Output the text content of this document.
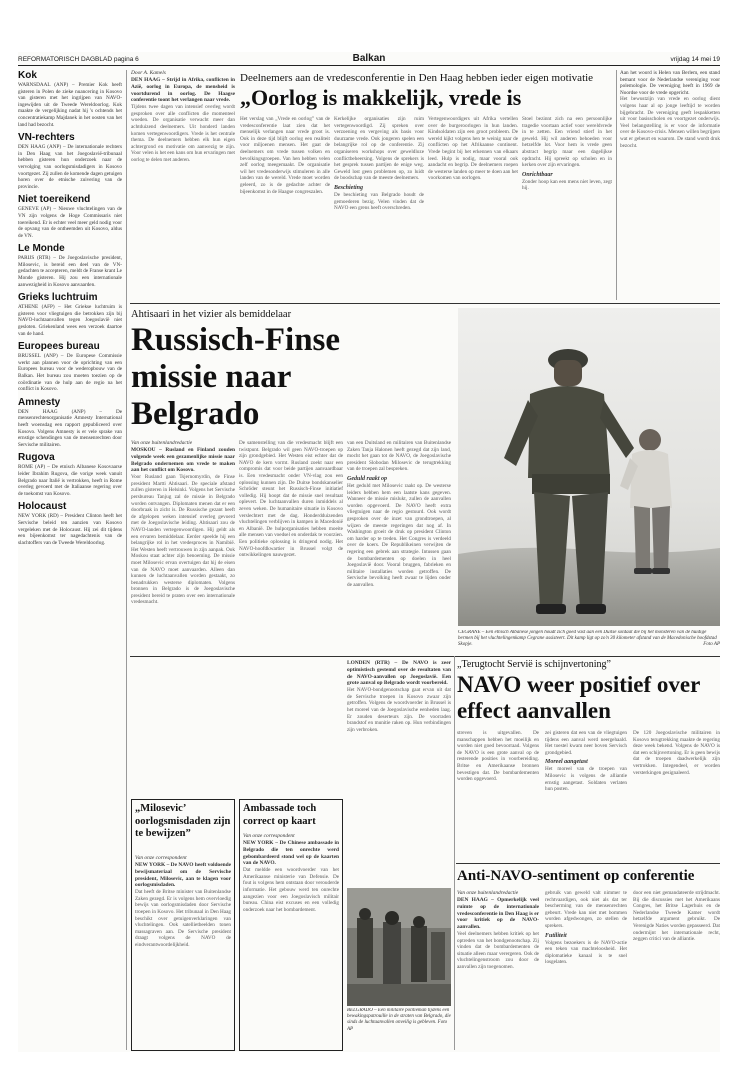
REFORMATORISCH DAGBLAD pagina 6	Balkan	vrijdag 14 mei 19
Kok

WARNSDAAL (ANP) – Premier Kok heeft gisteren in Polen de zieke nuancering in Kosovo van gisteren met het ingrijpen van NAVO-ingewijden uit de Tweede Wereldoorlog. Kok maakte de vergelijking nadat hij 's ochtends het concentratiekamp Majdanek in het oosten van het land had bezocht.

VN-rechters

DEN HAAG (ANP) – De internationale rechters in Den Haag van het Joegoslavië-tribunaal hebben gisteren hun onderzoek naar de vervolging van oorlogsmisdadigers in Kosovo voortgezet. Zij zullen de komende dagen getuigen horen over de etnische zuivering van de provincie.

Niet toereikend

GENEVE (AP) – Nieuwe vluchtelingen van de VN zijn volgens de Hoge Commissaris niet toereikend. Er is echter veel meer geld nodig voor de opvang van de ontheemden uit Kosovo, aldus de VN.

Le Monde

PARIJS (RTR) – De Joegoslavische president, Milosevic, is bereid een deel van de VN-gedachten te accepteren, meldt de Franse krant Le Monde gisteren. Hij zou een internationale aanwezigheid in Kosovo aanvaarden.

Grieks luchtruim

ATHENE (AFP) – Het Griekse luchtruim is gisteren voor vliegtuigen die betrokken zijn bij NAVO-luchtaanvallen tegen Joegoslavië niet gesloten. Griekenland wees een verzoek daartoe van de hand.

Europees bureau

BRUSSEL (ANP) – De Europese Commissie werkt aan plannen voor de oprichting van een Europees bureau voor de wederopbouw van de Balkan. Het bureau zou moeten toezien op de coördinatie van de hulp aan de regio na het conflict in Kosovo.

Amnesty

DEN HAAG (ANP) – De mensenrechtenorganisatie Amnesty International heeft woensdag een rapport gepubliceerd over Kosovo. Volgens Amnesty is er vele sprake van ernstige schendingen van de mensenrechten door Servische militairen.

Rugova

ROME (AP) – De etnisch Albanese Kosovaarse leider Ibrahim Rugova, die vorige week vanuit Belgrado naar Italië is vertrokken, heeft in Rome overleg gevoerd met de Italiaanse regering over de toekomst van Kosovo.

Holocaust

NEW YORK (RD) – President Clinton heeft het Servische beleid ten aanzien van Kosovo vergeleken met de Holocaust. Hij zei dit tijdens een bijeenkomst ter nagedachtenis van de slachtoffers van de Tweede Wereldoorlog.

Door A. Kamels

DEN HAAG – Strijd in Afrika, conflicten in Azië, oorlog in Europa, de mensheid is voortdurend in oorlog. De Haagse conferentie toont het verlangen naar vrede.

Tijdens twee dagen van intensief overleg wordt gesproken over alle conflicten die momenteel woeden. De organisatie verwacht meer dan achtduizend deelnemers. Uit honderd landen komen vertegenwoordigers. Vrede is het centrale thema. De deelnemers hebben elk hun eigen achtergrond en motivatie om aanwezig te zijn. Voor velen is het een kans om hun ervaringen met oorlog te delen met anderen.

Deelnemers aan de vredesconferentie in Den Haag hebben ieder eigen motivatie
„Oorlog is makkelijk, vrede is

Het verslag van „Vrede en oorlog” van de vredesconferentie laat zien dat het menselijk verlangen naar vrede groot is. Ook in deze tijd blijft oorlog een realiteit voor miljoenen mensen. Het gaat de deelnemers om vrede tussen volken en bevolkingsgroepen. Van hen hebben velen zelf oorlog meegemaakt. De organisatie wil het vredesonderwijs stimuleren in alle landen van de wereld. Vrede moet worden geleerd, zo is de gedachte achter de bijeenkomst in de Haagse congreszalen.

Kerkelijke organisaties zijn ruim vertegenwoordigd. Zij spreken over verzoening en vergeving als basis voor duurzame vrede. Ook jongeren spelen een belangrijke rol op de conferentie. Zij organiseren workshops over geweldloze conflictbeheersing. Volgens de sprekers is het gesprek tussen partijen de enige weg. Geweld lost geen problemen op, zo luidt de boodschap van de meeste deelnemers.

Beschieting

De beschieting van Belgrado houdt de gemoederen bezig. Velen vinden dat de NAVO een grens heeft overschreden.

Vertegenwoordigers uit Afrika vertellen over de burgeroorlogen in hun landen. Kindsoldaten zijn een groot probleem. De wereld kijkt volgens hen te weinig naar de conflicten op het Afrikaanse continent. Vrede begint bij het erkennen van elkaars leed. Hulp is nodig, maar vooral ook aandacht en begrip. De deelnemers roepen de westerse landen op meer te doen aan het voorkomen van oorlogen.

Stoel bezinnt zich na een persoonlijke tragedie voortaan actief voor wereldvrede in te zetten. Een vriend stierf in het geweld. Hij wil anderen behoeden voor hetzelfde lot. Voor hem is vrede geen abstract begrip maar een dagelijkse opdracht. Hij spreekt op scholen en in kerken over zijn ervaringen.

Onrichtbaar

Zonder hoop kan een mens niet leven, zegt hij.

Aan het woord is Helen van Berlem, een stand bemant voor de Nederlandse vereniging voor polemologie. De vereniging heeft in 1969 de Noordse voor de vrede opgericht.

Het bewustzijn van vrede en oorlog dient volgens haar al op jonge leeftijd te worden bijgebracht. De vereniging geeft lespakketten uit voor basisscholen en voortgezet onderwijs. Veel belangstelling is er voor de informatie over de Kosovo-crisis. Mensen willen begrijpen wat er gebeurt en waarom. De stand wordt druk bezocht.

Ahtisaari in het vizier als bemiddelaar
Russisch-Finse missie naar Belgrado

Van onze buitenlandredactie

MOSKOU – Rusland en Finland zouden volgende week een gezamenlijke missie naar Belgrado ondernemen om vrede te maken aan het conflict om Kosovo.

Voor Rusland gaan Tsjernomyrdin, de Finse president Martti Ahtisaari. De speciale afstand zullen gisteren in Helsinki. Volgens het Servische persbureau Tanjug zal de missie in Belgrado worden ontvangen. Diplomaten menen dat er een doorbraak in zicht is. De Russische gezant heeft de afgelopen weken intensief overleg gevoerd met de Joegoslavische leiding. Ahtisaari zou de NAVO-landen vertegenwoordigen. Hij geldt als een ervaren bemiddelaar. Eerder speelde hij een belangrijke rol in het vredesproces in Namibië. Het Westen heeft vertrouwen in zijn aanpak. Ook Moskou staat achter zijn benoeming. De missie moet Milosevic ervan overtuigen dat hij de eisen van de NAVO moet aanvaarden. Alleen dan kunnen de luchtaanvallen worden gestaakt, zo benadrukken westerse diplomaten. Volgens bronnen in Belgrado is de Joegoslavische president bereid te praten over een internationale vredesmacht.

De samenstelling van die vredesmacht blijft een twistpunt. Belgrado wil geen NAVO-troepen op zijn grondgebied. Het Westen eist echter dat de NAVO de kern vormt. Rusland zoekt naar een compromis dat voor beide partijen aanvaardbaar is. Een vredesmacht onder VN-vlag zou een oplossing kunnen zijn. De Duitse bondskanselier Schröder steunt het Russisch-Finse initiatief volledig. Hij hoopt dat de missie snel resultaat oplevert. De luchtaanvallen duren inmiddels al zeven weken. De humanitaire situatie in Kosovo verslechtert met de dag. Honderdduizenden vluchtelingen verblijven in kampen in Macedonië en Albanië. De hulporganisaties hebben moeite alle mensen van voedsel en onderdak te voorzien. Een politieke oplossing is dringend nodig. Het NAVO-hoofdkwartier in Brussel volgt de ontwikkelingen nauwgezet.

van een Duitsland en militairen van Buitenlandse Zaken Tanja Halonen heeft gezegd dat zijn land, mocht het gaan tot de NAVO, de Joegoslavische president Slobodan Milosevic de terugtrekking van de troepen zal bespreken.

Geduld raakt op

Het geduld met Milosevic raakt op. De westerse leiders hebben hem een laatste kans gegeven. Wanneer de missie mislukt, zullen de aanvallen worden opgevoerd. De NAVO heeft extra vliegtuigen naar de regio gestuurd. Ook wordt gesproken over de inzet van grondtroepen, al wijzen de meeste regeringen dat nog af. In Washington groeit de druk op president Clinton om harder op te treden. Het Congres is verdeeld over de koers. De Republikeinen verwijten de regering een gebrek aan strategie. Intussen gaan de bombardementen op doelen in heel Joegoslavië door. Vooral bruggen, fabrieken en militaire installaties worden getroffen. De Servische bevolking heeft zwaar te lijden onder de aanvallen.

CEGRANE – Een etnisch Albanese jongen houdt zich goed vast aan een Duitse soldaat die bij het monsteren van de huidige bermen bij het vluchtelingenkamp Cegrane assisteert. Dit kamp ligt op zo'n 30 kilometer afstand van de Macedonische hoofdstad Skopje.	Foto AP
„Milosevic’ oorlogsmisdaden zijn te bewijzen”

Van onze correspondent

NEW YORK – De NAVO heeft voldoende bewijsmateriaal om de Servische president, Milosevic, aan te klagen voor oorlogsmisdaden.

Dat heeft de Britse minister van Buitenlandse Zaken gezegd. Er is volgens hem overvloedig bewijs van oorlogsmisdaden door Servische troepen in Kosovo. Het tribunaal in Den Haag beschikt over getuigenverklaringen van vluchtelingen. Ook satellietbeelden tonen massagraven aan. De Servische president draagt volgens de NAVO de eindverantwoordelijkheid.

Ambassade toch correct op kaart

Van onze correspondent

NEW YORK – De Chinese ambassade in Belgrado die ten onrechte werd gebombardeerd stond wel op de kaarten van de NAVO.

Dat meldde een woordvoerder van het Amerikaanse ministerie van Defensie. De fout is volgens hem ontstaan door verouderde informatie. Het gebouw werd ten onrechte aangezien voor een Joegoslavisch militair bureau. China eist excuses en een volledig onderzoek naar het bombardement.

BELGRADO – Een militaire politieman tijdens een bewakingspatrouille in de straten van Belgrado, die sinds de luchtaanvallen onveilig is gebleven. Foto AP

LONDEN (RTR) – De NAVO is zeer optimistisch gestemd over de resultaten van de NAVO-aanvallen op Joegoslavië. Een grote aanval op Belgrado wordt voorbereid.

Het NAVO-bondgenootschap gaat ervan uit dat de Servische troepen in Kosovo zwaar zijn getroffen. Volgens de woordvoerder in Brussel is het moreel van de Joegoslavische eenheden laag. Er zouden deserteurs zijn. De voorraden brandstof en munitie raken op. Hun verbindingen zijn verbroken.

„Terugtocht Servië is schijnvertoning”
NAVO weer positief over effect aanvallen

streven is uitgevallen. De manschappen hebben het moeilijk en worden niet goed bevoorraad. Volgens de NAVO is een grote aanval op de resterende posities in voorbereiding. Britse en Amerikaanse bronnen bevestigen dat. De bombardementen worden opgevoerd.

zei gisteren dat een van de vliegtuigen tijdens een aanval werd neergehaald. Het toestel kwam neer boven Servisch grondgebied.

Moreel aangetast

Het moreel van de troepen van Milosevic is volgens de alliantie ernstig aangetast. Soldaten verlaten hun posten.

De 120 Joegoslavische militairen in Kosovo terugtrekking maakte de regering deze week bekend. Volgens de NAVO is dat een schijnvertoning. Er is geen bewijs dat de troepen daadwerkelijk zijn vertrokken. Integendeel, er worden versterkingen gesignaleerd.

Anti-NAVO-sentiment op conferentie

Van onze buitenlandredactie

DEN HAAG – Opmerkelijk veel ruimte op de internationale vredesconferentie in Den Haag is er voor kritiek op de NAVO-aanvallen.

Veel deelnemers hebben kritiek op het optreden van het bondgenootschap. Zij vinden dat de bombardementen de situatie alleen maar verergeren. Ook de vluchtelingenstroom zou door de aanvallen zijn toegenomen.

gebruik van geweld valt nimmer te rechtvaardigen, ook niet als dat ter bescherming van de mensenrechten gebeurt. Vrede kan niet met bommen worden afgedwongen, zo stellen de sprekers.

Futiliteit

Volgens bezoekers is de NAVO-actie een teken van machteloosheid. Het diplomatieke kanaal is te snel losgelaten.

door een niet gemandateerde strijdmacht. Bij die discussies met het Amerikaans Congres, het Britse Lagerhuis en de Nederlandse Tweede Kamer wordt hetzelfde argument gebruikt. De Verenigde Naties worden gepasseerd. Dat ondermijnt het internationale recht, zeggen critici van de alliantie.
